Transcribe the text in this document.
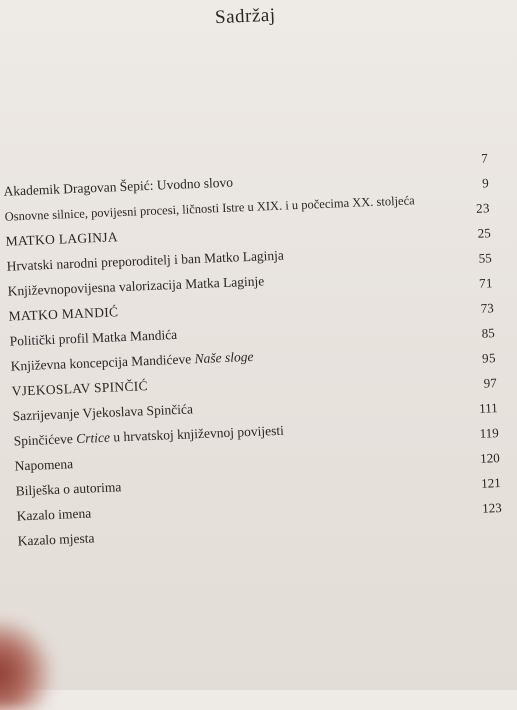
Sadržaj
Akademik Dragovan Šepić: Uvodno slovo
7
Osnovne silnice, povijesni procesi, ličnosti Istre u XIX. i u počecima XX. stoljeća
9
MATKO LAGINJA
23
Hrvatski narodni preporoditelj i ban Matko Laginja
25
Književnopovijesna valorizacija Matka Laginje
55
MATKO MANDIĆ
71
Politički profil Matka Mandića
73
Književna koncepcija Mandićeve Naše sloge
85
VJEKOSLAV SPINČIĆ
95
Sazrijevanje Vjekoslava Spinčića
97
Spinčićeve Crtice u hrvatskoj književnoj povijesti
111
Napomena
119
Bilješka o autorima
120
Kazalo imena
121
Kazalo mjesta
123
